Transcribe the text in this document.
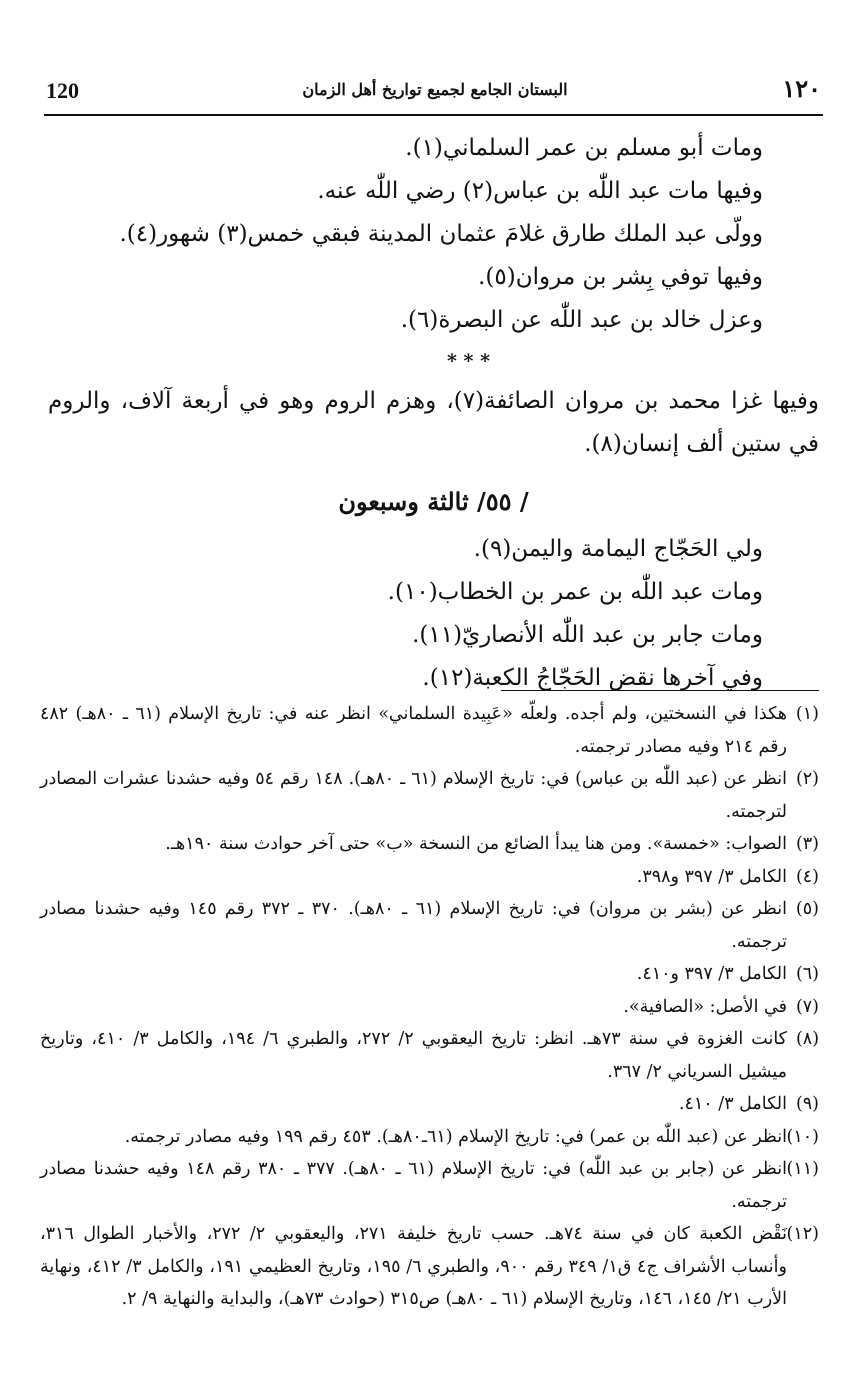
120	البستان الجامع لجميع تواريخ أهل الزمان	١٢٠
ومات أبو مسلم بن عمر السلماني(١).
وفيها مات عبد اللّٰه بن عباس(٢) رضي اللّٰه عنه.
وولّى عبد الملك طارق غلامَ عثمان المدينة فبقي خمس(٣) شهور(٤).
وفيها توفي بِشر بن مروان(٥).
وعزل خالد بن عبد اللّٰه عن البصرة(٦).
* * *
وفيها غزا محمد بن مروان الصائفة(٧)، وهزم الروم وهو في أربعة آلاف، والروم في ستين ألف إنسان(٨).
/ ٥٥/ ثالثة وسبعون
ولي الحَجّاج اليمامة واليمن(٩).
ومات عبد اللّٰه بن عمر بن الخطاب(١٠).
ومات جابر بن عبد اللّٰه الأنصاريّ(١١).
وفي آخرها نقض الحَجّاجُ الكعبة(١٢).
(١)هكذا في النسختين، ولم أجده. ولعلّه «عَبِيدة السلماني» انظر عنه في: تاريخ الإسلام (٦١ ـ ٨٠هـ) ٤٨٢ رقم ٢١٤ وفيه مصادر ترجمته.
(٢)انظر عن (عبد اللّٰه بن عباس) في: تاريخ الإسلام (٦١ ـ ٨٠هـ). ١٤٨ رقم ٥٤ وفيه حشدنا عشرات المصادر لترجمته.
(٣)الصواب: «خمسة». ومن هنا يبدأ الضائع من النسخة «ب» حتى آخر حوادث سنة ١٩٠هـ.
(٤)الكامل ٣/ ٣٩٧ و٣٩٨.
(٥)انظر عن (بشر بن مروان) في: تاريخ الإسلام (٦١ ـ ٨٠هـ). ٣٧٠ ـ ٣٧٢ رقم ١٤٥ وفيه حشدنا مصادر ترجمته.
(٦)الكامل ٣/ ٣٩٧ و٤١٠.
(٧)في الأصل: «الصافية».
(٨)كانت الغزوة في سنة ٧٣هـ. انظر: تاريخ اليعقوبي ٢/ ٢٧٢، والطبري ٦/ ١٩٤، والكامل ٣/ ٤١٠، وتاريخ ميشيل السرياني ٢/ ٣٦٧.
(٩)الكامل ٣/ ٤١٠.
(١٠)انظر عن (عبد اللّٰه بن عمر) في: تاريخ الإسلام (٦١ـ٨٠هـ). ٤٥٣ رقم ١٩٩ وفيه مصادر ترجمته.
(١١)انظر عن (جابر بن عبد اللّٰه) في: تاريخ الإسلام (٦١ ـ ٨٠هـ). ٣٧٧ ـ ٣٨٠ رقم ١٤٨ وفيه حشدنا مصادر ترجمته.
(١٢)نَقْض الكعبة كان في سنة ٧٤هـ. حسب تاريخ خليفة ٢٧١، واليعقوبي ٢/ ٢٧٢، والأخبار الطوال ٣١٦، وأنساب الأشراف ج٤ ق١/ ٣٤٩ رقم ٩٠٠، والطبري ٦/ ١٩٥، وتاريخ العظيمي ١٩١، والكامل ٣/ ٤١٢، ونهاية الأرب ٢١/ ١٤٥، ١٤٦، وتاريخ الإسلام (٦١ ـ ٨٠هـ) ص٣١٥ (حوادث ٧٣هـ)، والبداية والنهاية ٩/ ٢.
